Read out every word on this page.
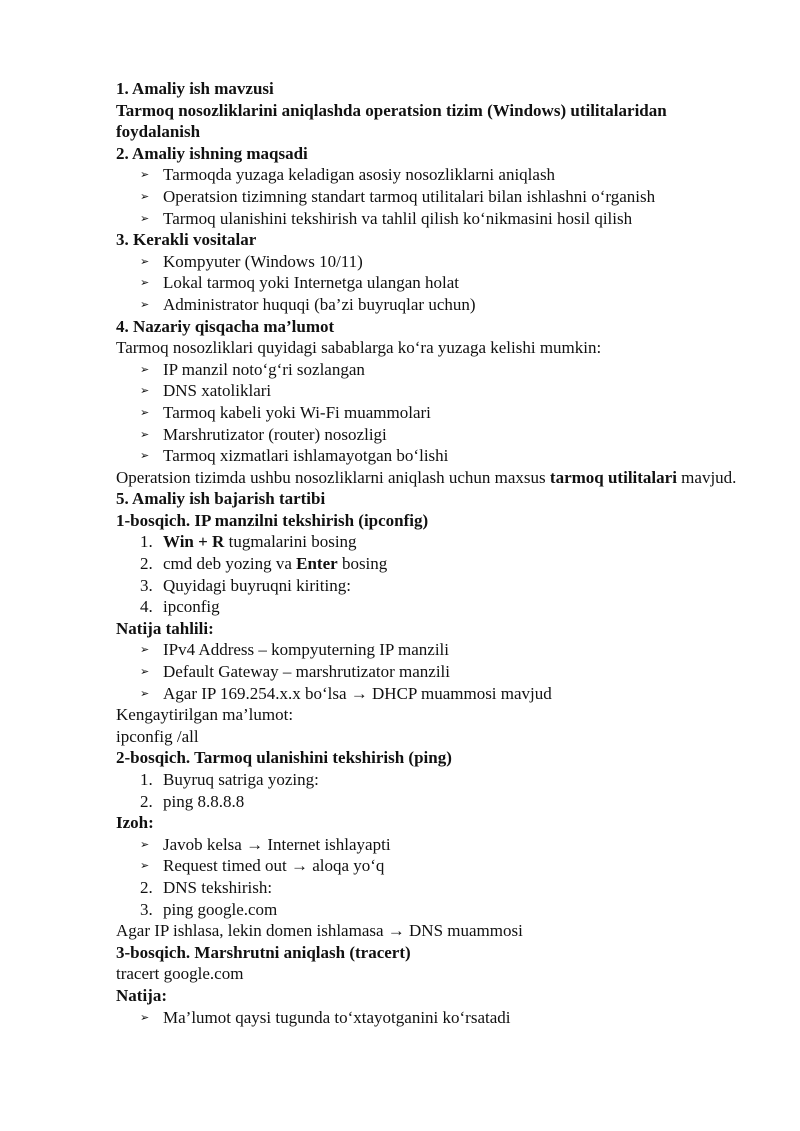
1. Amaliy ish mavzusi
Tarmoq nosozliklarini aniqlashda operatsion tizim (Windows) utilitalaridan foydalanish
2. Amaliy ishning maqsadi
➢ Tarmoqda yuzaga keladigan asosiy nosozliklarni aniqlash
➢ Operatsion tizimning standart tarmoq utilitalari bilan ishlashni o‘rganish
➢ Tarmoq ulanishini tekshirish va tahlil qilish ko‘nikmasini hosil qilish
3. Kerakli vositalar
➢ Kompyuter (Windows 10/11)
➢ Lokal tarmoq yoki Internetga ulangan holat
➢ Administrator huquqi (ba’zi buyruqlar uchun)
4. Nazariy qisqacha ma’lumot
Tarmoq nosozliklari quyidagi sabablarga ko‘ra yuzaga kelishi mumkin:
➢ IP manzil noto‘g‘ri sozlangan
➢ DNS xatoliklari
➢ Tarmoq kabeli yoki Wi-Fi muammolari
➢ Marshrutizator (router) nosozligi
➢ Tarmoq xizmatlari ishlamayotgan bo‘lishi
Operatsion tizimda ushbu nosozliklarni aniqlash uchun maxsus tarmoq utilitalari mavjud.
5. Amaliy ish bajarish tartibi
1-bosqich. IP manzilni tekshirish (ipconfig)
1. Win + R tugmalarini bosing
2. cmd deb yozing va Enter bosing
3. Quyidagi buyruqni kiriting:
4. ipconfig
Natija tahlili:
➢ IPv4 Address – kompyuterning IP manzili
➢ Default Gateway – marshrutizator manzili
➢ Agar IP 169.254.x.x bo‘lsa → DHCP muammosi mavjud
Kengaytirilgan ma’lumot:
ipconfig /all
2-bosqich. Tarmoq ulanishini tekshirish (ping)
1. Buyruq satriga yozing:
2. ping 8.8.8.8
Izoh:
➢ Javob kelsa → Internet ishlayapti
➢ Request timed out → aloqa yo‘q
2. DNS tekshirish:
3. ping google.com
Agar IP ishlasa, lekin domen ishlamasa → DNS muammosi
3-bosqich. Marshrutni aniqlash (tracert)
tracert google.com
Natija:
➢ Ma’lumot qaysi tugunda to‘xtayotganini ko‘rsatadi
